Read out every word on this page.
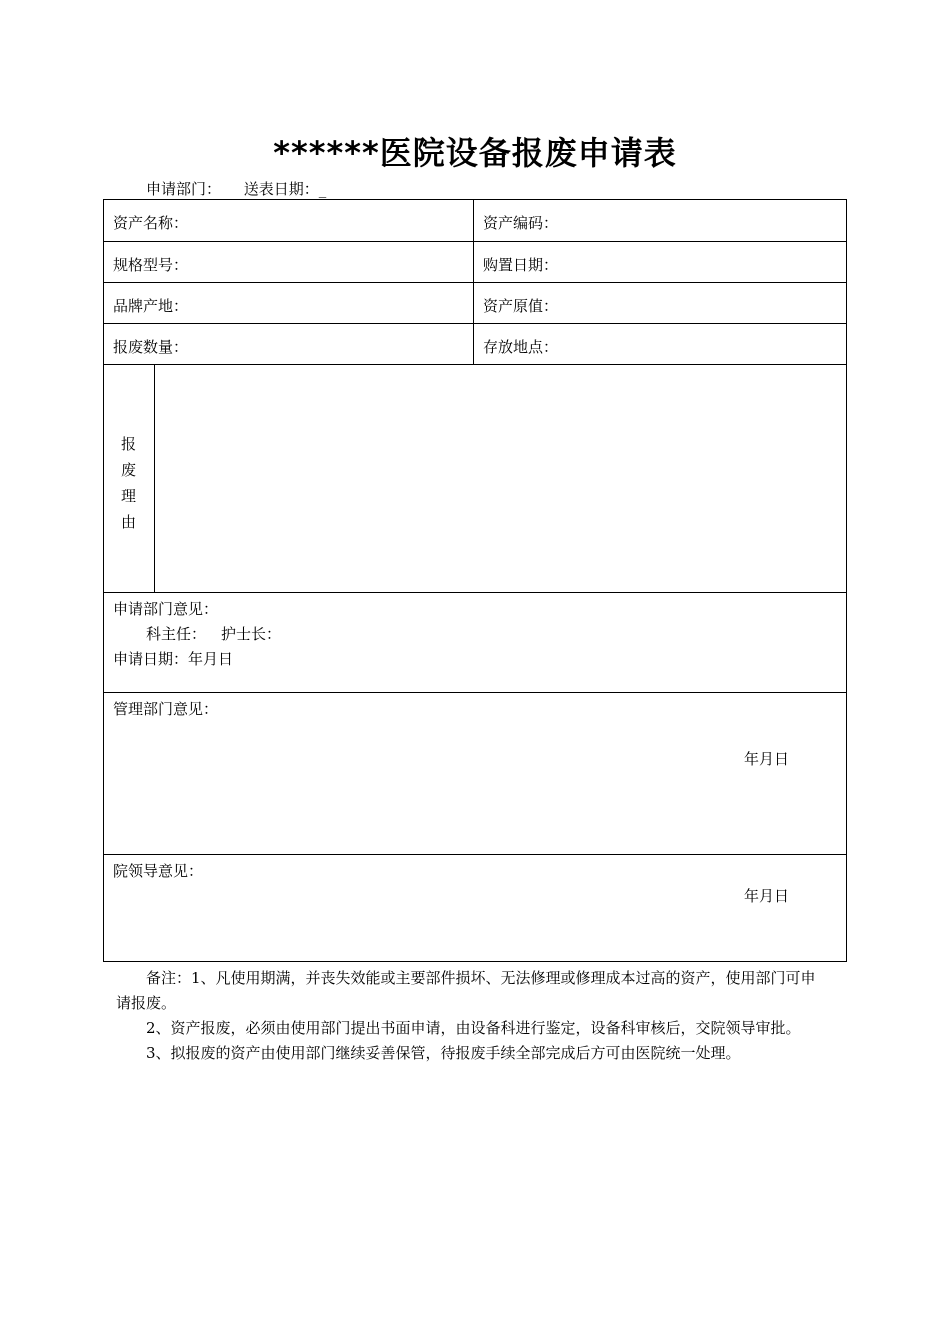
******医院设备报废申请表
申请部门： 送表日期：_
资产名称：	资产编码：
规格型号：	购置日期：
品牌产地：	资产原值：
报废数量：	存放地点：
报
废
理
由
申请部门意见：
科主任： 护士长：
申请日期：年月日
管理部门意见：
年月日
院领导意见：
年月日

备注：1、凡使用期满，并丧失效能或主要部件损坏、无法修理或修理成本过高的资产，使用部门可申请报废。

2、资产报废，必须由使用部门提出书面申请，由设备科进行鉴定，设备科审核后，交院领导审批。

3、拟报废的资产由使用部门继续妥善保管，待报废手续全部完成后方可由医院统一处理。
